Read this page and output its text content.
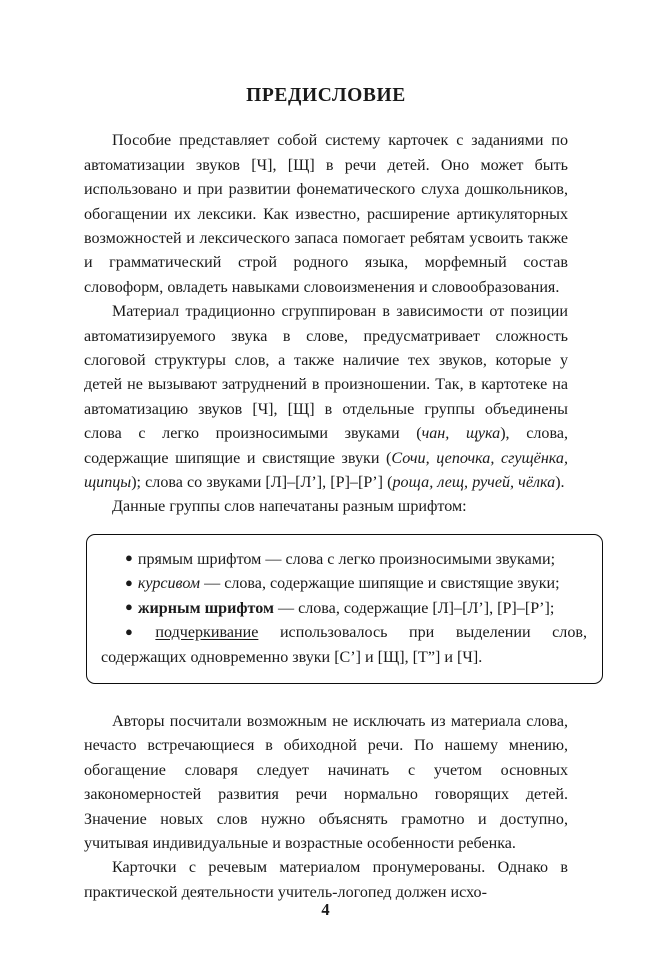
ПРЕДИСЛОВИЕ

Пособие представляет собой систему карточек с заданиями по автоматизации звуков [Ч], [Щ] в речи детей. Оно может быть использовано и при развитии фонематического слуха дошкольников, обогащении их лексики. Как известно, расширение артикуляторных возможностей и лексического запаса помогает ребятам усвоить также и грамматический строй родного языка, морфемный состав словоформ, овладеть навыками словоизменения и словообразования.

Материал традиционно сгруппирован в зависимости от позиции автоматизируемого звука в слове, предусматривает сложность слоговой структуры слов, а также наличие тех звуков, которые у детей не вызывают затруднений в произношении. Так, в картотеке на автоматизацию звуков [Ч], [Щ] в отдельные группы объединены слова с легко произносимыми звуками (чан, щука), слова, содержащие шипящие и свистящие звуки (Сочи, цепочка, сгущёнка, щипцы); слова со звуками [Л]–[Л’], [Р]–[Р’] (роща, лещ, ручей, чёлка).

Данные группы слов напечатаны разным шрифтом:

● прямым шрифтом — слова с легко произносимыми звуками;

● курсивом — слова, содержащие шипящие и свистящие звуки;

● жирным шрифтом — слова, содержащие [Л]–[Л’], [Р]–[Р’];

● подчеркивание использовалось при выделении слов, содержащих одновременно звуки [С’] и [Щ], [Т”] и [Ч].

Авторы посчитали возможным не исключать из материала слова, нечасто встречающиеся в обиходной речи. По нашему мнению, обогащение словаря следует начинать с учетом основных закономерностей развития речи нормально говорящих детей. Значение новых слов нужно объяснять грамотно и доступно, учитывая индивидуальные и возрастные особенности ребенка.

Карточки с речевым материалом пронумерованы. Однако в практической деятельности учитель-логопед должен исхо-

4
